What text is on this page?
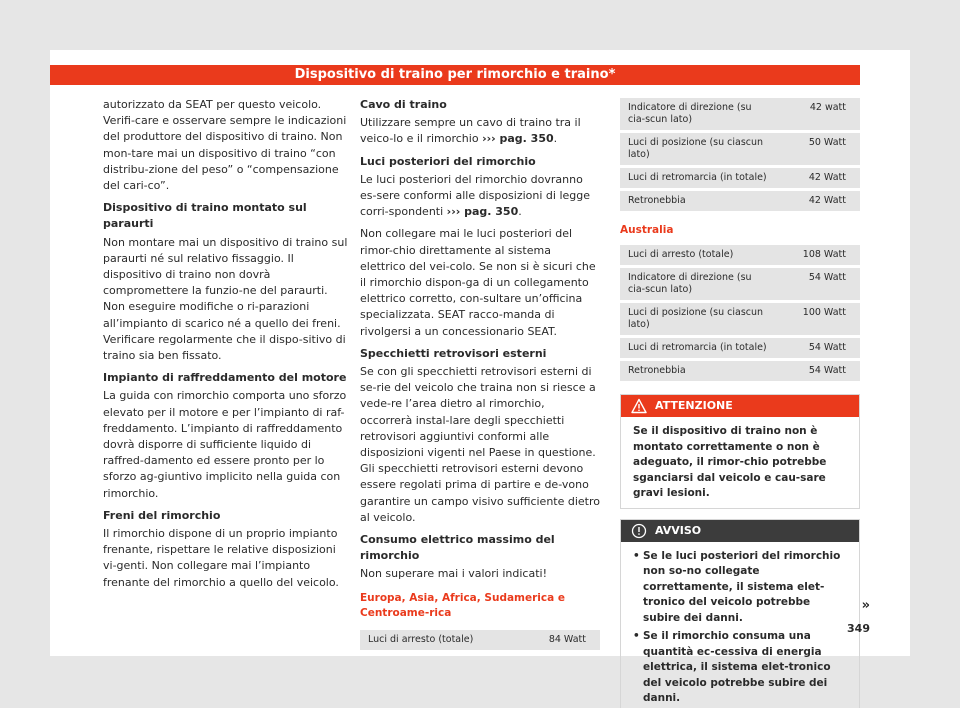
Dispositivo di traino per rimorchio e traino*

autorizzato da SEAT per questo veicolo. Verifi-care e osservare sempre le indicazioni del produttore del dispositivo di traino. Non mon-tare mai un dispositivo di traino “con distribu-zione del peso” o “compensazione del cari-co”.

Dispositivo di traino montato sul paraurti

Non montare mai un dispositivo di traino sul paraurti né sul relativo fissaggio. Il dispositivo di traino non dovrà compromettere la funzio-ne del paraurti. Non eseguire modifiche o ri-parazioni all’impianto di scarico né a quello dei freni. Verificare regolarmente che il dispo-sitivo di traino sia ben fissato.

Impianto di raffreddamento del motore

La guida con rimorchio comporta uno sforzo elevato per il motore e per l’impianto di raf-freddamento. L’impianto di raffreddamento dovrà disporre di sufficiente liquido di raffred-damento ed essere pronto per lo sforzo ag-giuntivo implicito nella guida con rimorchio.

Freni del rimorchio

Il rimorchio dispone di un proprio impianto frenante, rispettare le relative disposizioni vi-genti. Non collegare mai l’impianto frenante del rimorchio a quello del veicolo.

Cavo di traino

Utilizzare sempre un cavo di traino tra il veico-lo e il rimorchio ››› pag. 350.

Luci posteriori del rimorchio

Le luci posteriori del rimorchio dovranno es-sere conformi alle disposizioni di legge corri-spondenti ››› pag. 350.

Non collegare mai le luci posteriori del rimor-chio direttamente al sistema elettrico del vei-colo. Se non si è sicuri che il rimorchio dispon-ga di un collegamento elettrico corretto, con-sultare un’officina specializzata. SEAT racco-manda di rivolgersi a un concessionario SEAT.

Specchietti retrovisori esterni

Se con gli specchietti retrovisori esterni di se-rie del veicolo che traina non si riesce a vede-re l’area dietro al rimorchio, occorrerà instal-lare degli specchietti retrovisori aggiuntivi conformi alle disposizioni vigenti nel Paese in questione. Gli specchietti retrovisori esterni devono essere regolati prima di partire e de-vono garantire un campo visivo sufficiente dietro al veicolo.

Consumo elettrico massimo del rimorchio

Non superare mai i valori indicati!

Europa, Asia, Africa, Sudamerica e Centroame-rica
Luci di arresto (totale)	84 Watt
Indicatore di direzione (su cia-scun lato)	42 watt
Luci di posizione (su ciascun lato)	50 Watt
Luci di retromarcia (in totale)	42 Watt
Retronebbia	42 Watt
Australia
Luci di arresto (totale)	108 Watt
Indicatore di direzione (su cia-scun lato)	54 Watt
Luci di posizione (su ciascun lato)	100 Watt
Luci di retromarcia (in totale)	54 Watt
Retronebbia	54 Watt
ATTENZIONE
Se il dispositivo di traino non è montato correttamente o non è adeguato, il rimor-chio potrebbe sganciarsi dal veicolo e cau-sare gravi lesioni.
AVVISO
• Se le luci posteriori del rimorchio non so-no collegate correttamente, il sistema elet-tronico del veicolo potrebbe subire dei danni.
• Se il rimorchio consuma una quantità ec-cessiva di energia elettrica, il sistema elet-tronico del veicolo potrebbe subire dei danni.
»
349
